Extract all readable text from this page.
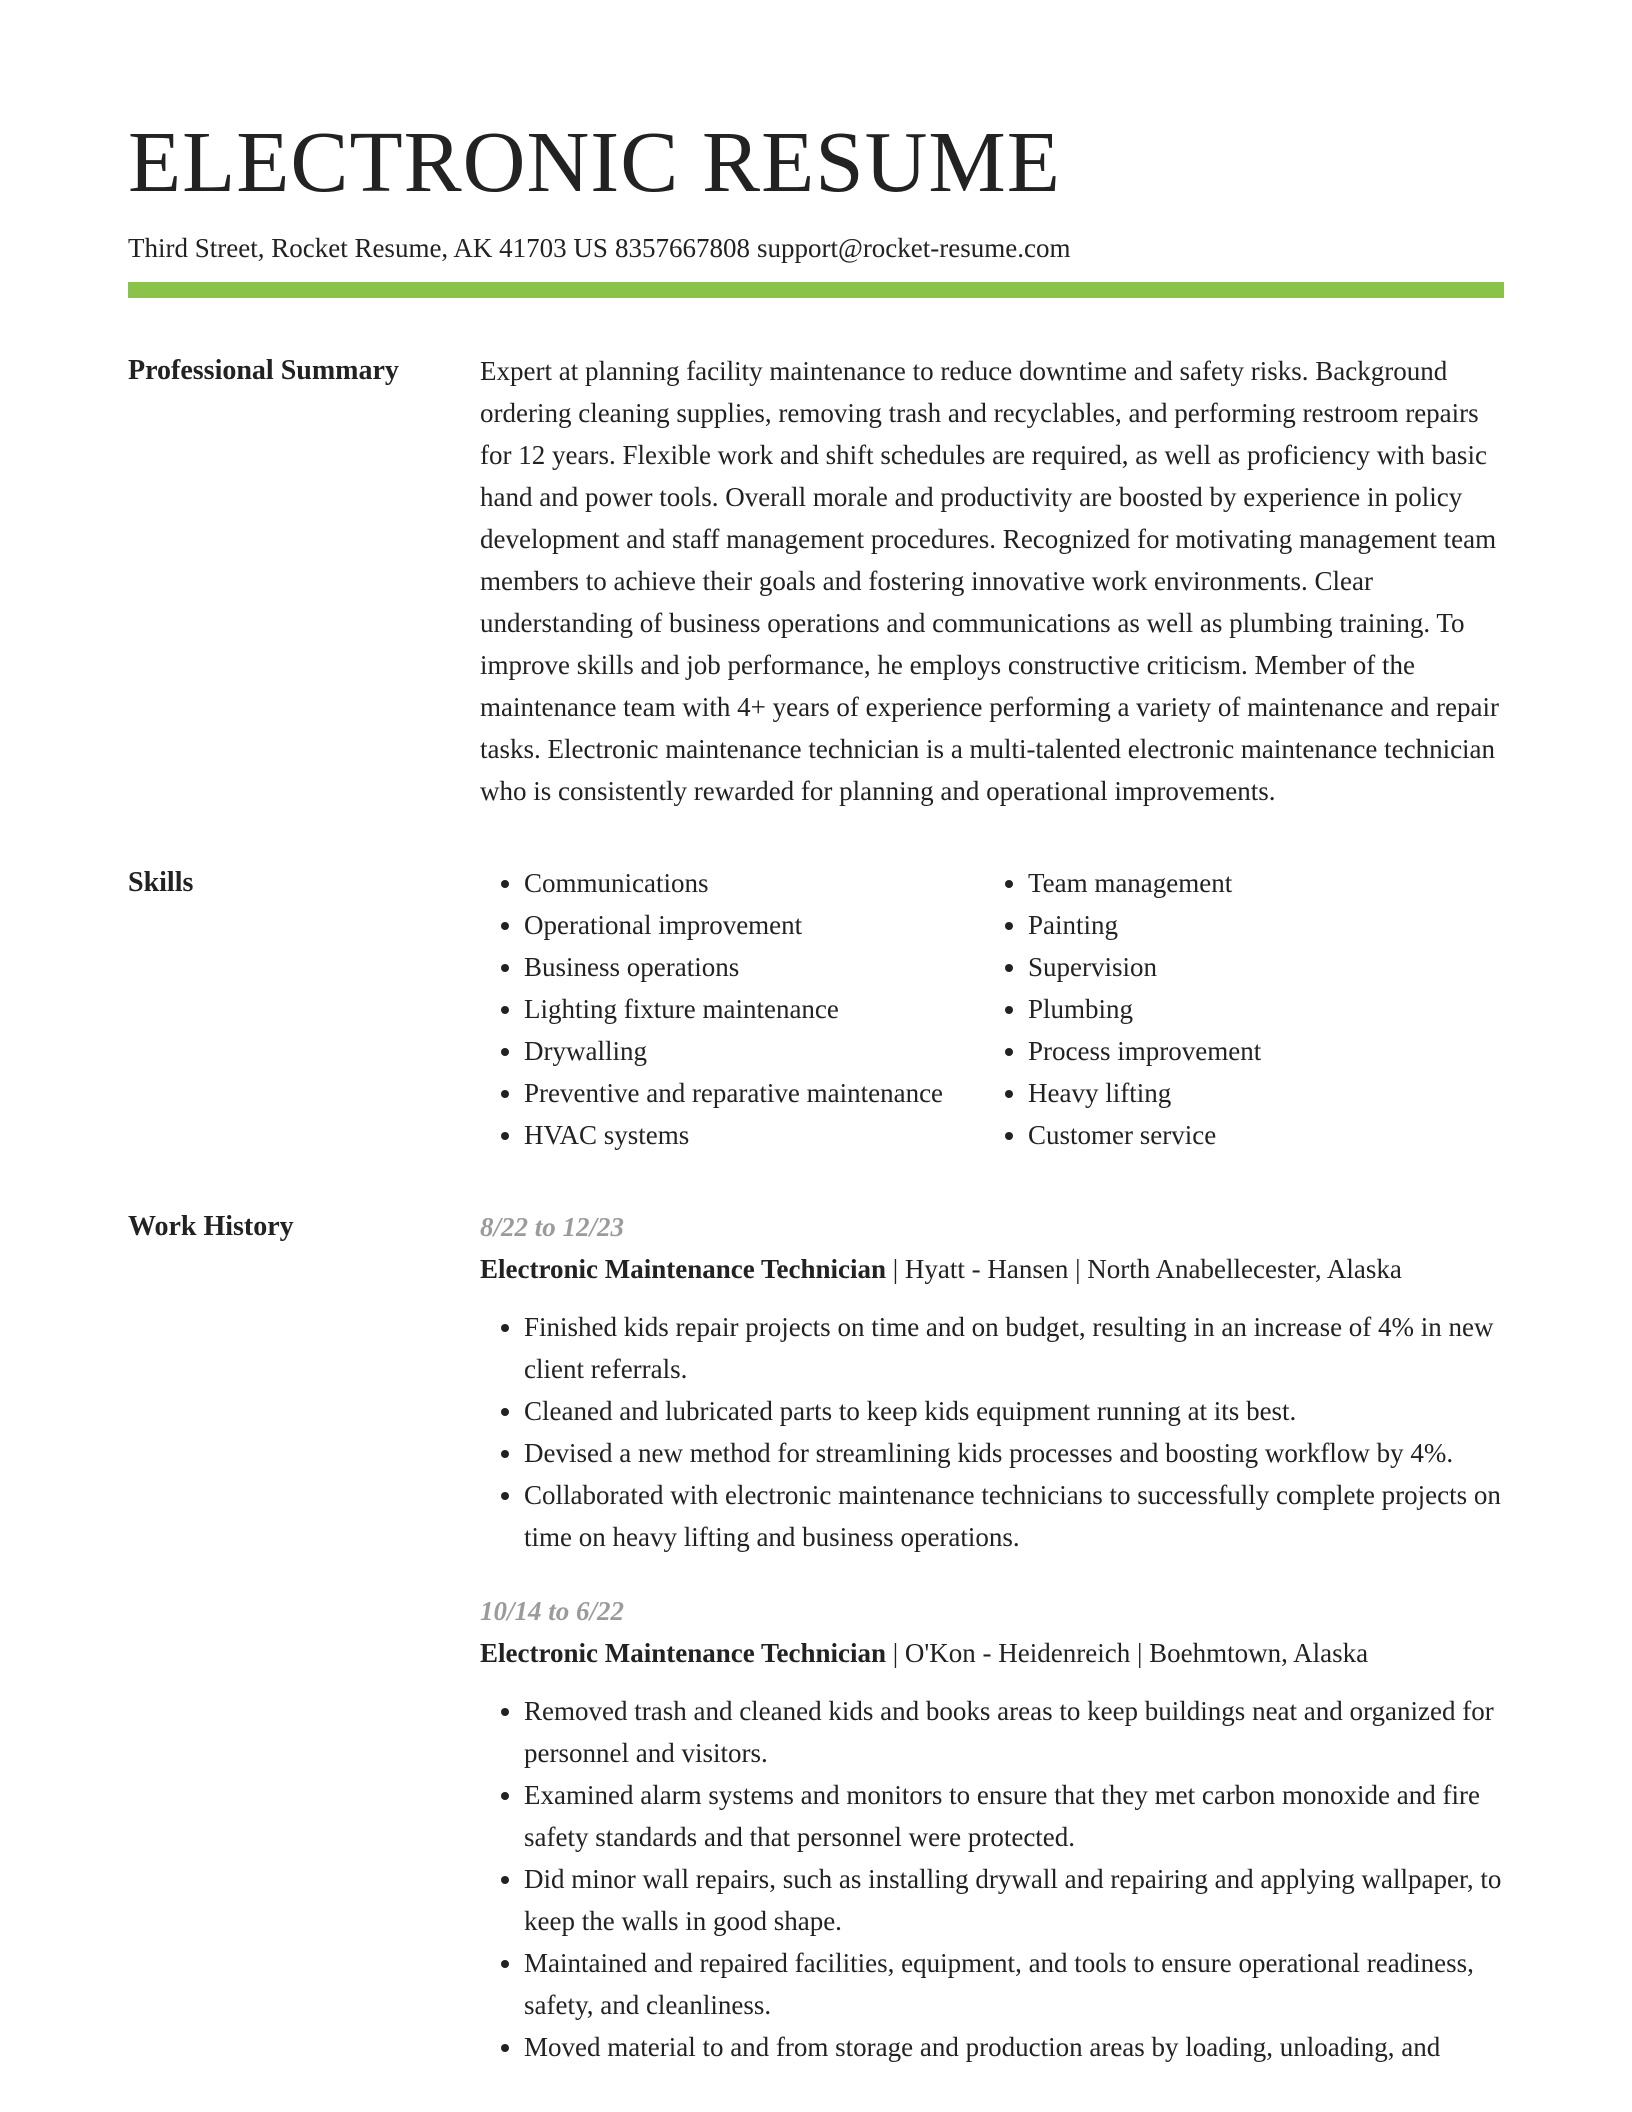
ELECTRONIC RESUME
Third Street, Rocket Resume, AK 41703 US 8357667808 support@rocket-resume.com
Professional Summary	Expert at planning facility maintenance to reduce downtime and safety risks. Background ordering cleaning supplies, removing trash and recyclables, and performing restroom repairs for 12 years. Flexible work and shift schedules are required, as well as proficiency with basic hand and power tools. Overall morale and productivity are boosted by experience in policy development and staff management procedures. Recognized for motivating management team members to achieve their goals and fostering innovative work environments. Clear understanding of business operations and communications as well as plumbing training. To improve skills and job performance, he employs constructive criticism. Member of the maintenance team with 4+ years of experience performing a variety of maintenance and repair tasks. Electronic maintenance technician is a multi-talented electronic maintenance technician who is consistently rewarded for planning and operational improvements.

Skills
•	Communications
• Operational improvement
• Business operations
• Lighting fixture maintenance
• Drywalling
• Preventive and reparative maintenance
• HVAC systems
• Team management
• Painting
• Supervision
• Plumbing
• Process improvement
• Heavy lifting
• Customer service
Work History	8/22 to 12/23
Electronic Maintenance Technician | Hyatt - Hansen | North Anabellecester, Alaska
• Finished kids repair projects on time and on budget, resulting in an increase of 4% in new client referrals.
• Cleaned and lubricated parts to keep kids equipment running at its best.
• Devised a new method for streamlining kids processes and boosting workflow by 4%.
• Collaborated with electronic maintenance technicians to successfully complete projects on time on heavy lifting and business operations.
10/14 to 6/22
Electronic Maintenance Technician | O'Kon - Heidenreich | Boehmtown, Alaska
• Removed trash and cleaned kids and books areas to keep buildings neat and organized for personnel and visitors.
• Examined alarm systems and monitors to ensure that they met carbon monoxide and fire safety standards and that personnel were protected.
• Did minor wall repairs, such as installing drywall and repairing and applying wallpaper, to keep the walls in good shape.
• Maintained and repaired facilities, equipment, and tools to ensure operational readiness, safety, and cleanliness.
• Moved material to and from storage and production areas by loading, unloading, and
